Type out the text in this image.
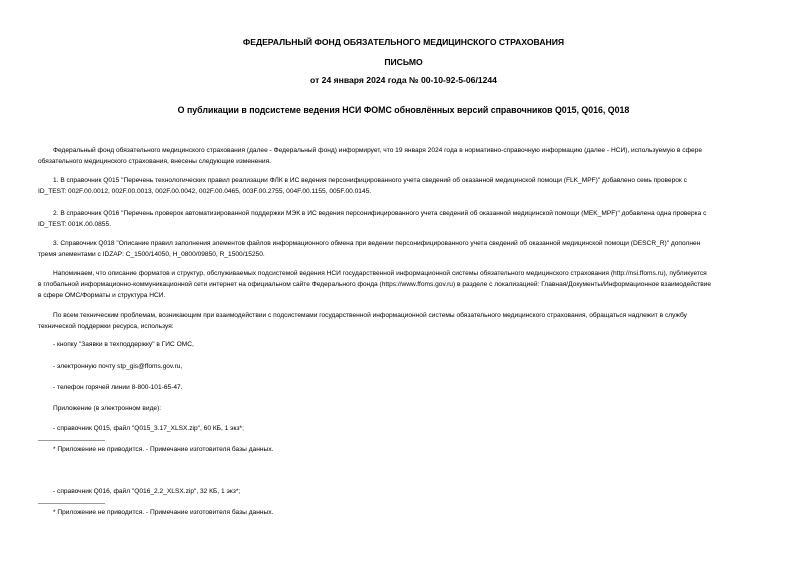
ФЕДЕРАЛЬНЫЙ ФОНД ОБЯЗАТЕЛЬНОГО МЕДИЦИНСКОГО СТРАХОВАНИЯ
ПИСЬМО
от 24 января 2024 года № 00-10-92-5-06/1244
О публикации в подсистеме ведения НСИ ФОМС обновлённых версий справочников Q015, Q016, Q018
Федеральный фонд обязательного медицинского страхования (далее - Федеральный фонд) информирует, что 19 января 2024 года в нормативно-справочную информацию (далее - НСИ), используемую в сфере
обязательного медицинского страхования, внесены следующие изменения.
1. В справочник Q015 "Перечень технологических правил реализации ФЛК в ИС ведения персонифицированного учета сведений об оказанной медицинской помощи (FLK_MPF)" добавлено семь проверок с
ID_TEST: 002F.00.0012, 002F.00.0013, 002F.00.0042, 002F.00.0465, 003F.00.2755, 004F.00.1155, 005F.00.0145.
2. В справочник Q016 "Перечень проверок автоматизированной поддержки МЭК в ИС ведения персонифицированного учета сведений об оказанной медицинской помощи (MEK_MPF)" добавлена одна проверка с
ID_TEST: 001K.00.0855.
3. Справочник Q018 "Описание правил заполнения элементов файлов информационного обмена при ведении персонифицированного учета сведений об оказанной медицинской помощи (DESCR_R)" дополнен
тремя элементами с IDZAP: C_1500/14050, H_0800/09850, R_1500/15250.
Напоминаем, что описание форматов и структур, обслуживаемых подсистемой ведения НСИ государственной информационной системы обязательного медицинского страхования (http://nsi.ffoms.ru), публикуется
в глобальной информационно-коммуникационной сети интернет на официальном сайте Федерального фонда (https://www.ffoms.gov.ru) в разделе с локализацией: Главная/Документы/Информационное взаимодействие
в сфере ОМС/Форматы и структура НСИ.
По всем техническим проблемам, возникающим при взаимодействии с подсистемами государственной информационной системы обязательного медицинского страхования, обращаться надлежит в службу
технической поддержки ресурса, используя:
- кнопку "Заявки в техподдержку" в ГИС ОМС,
- электронную почту stp_gis@ffoms.gov.ru,
- телефон горячей линии 8-800-101-65-47.
Приложение (в электронном виде):
- справочник Q015, файл "Q015_3.17_XLSX.zip", 60 КБ, 1 экз*;
* Приложение не приводится. - Примечание изготовителя базы данных.
- справочник Q016, файл "Q016_2.2_XLSX.zip", 32 КБ, 1 экз*;
* Приложение не приводится. - Примечание изготовителя базы данных.
